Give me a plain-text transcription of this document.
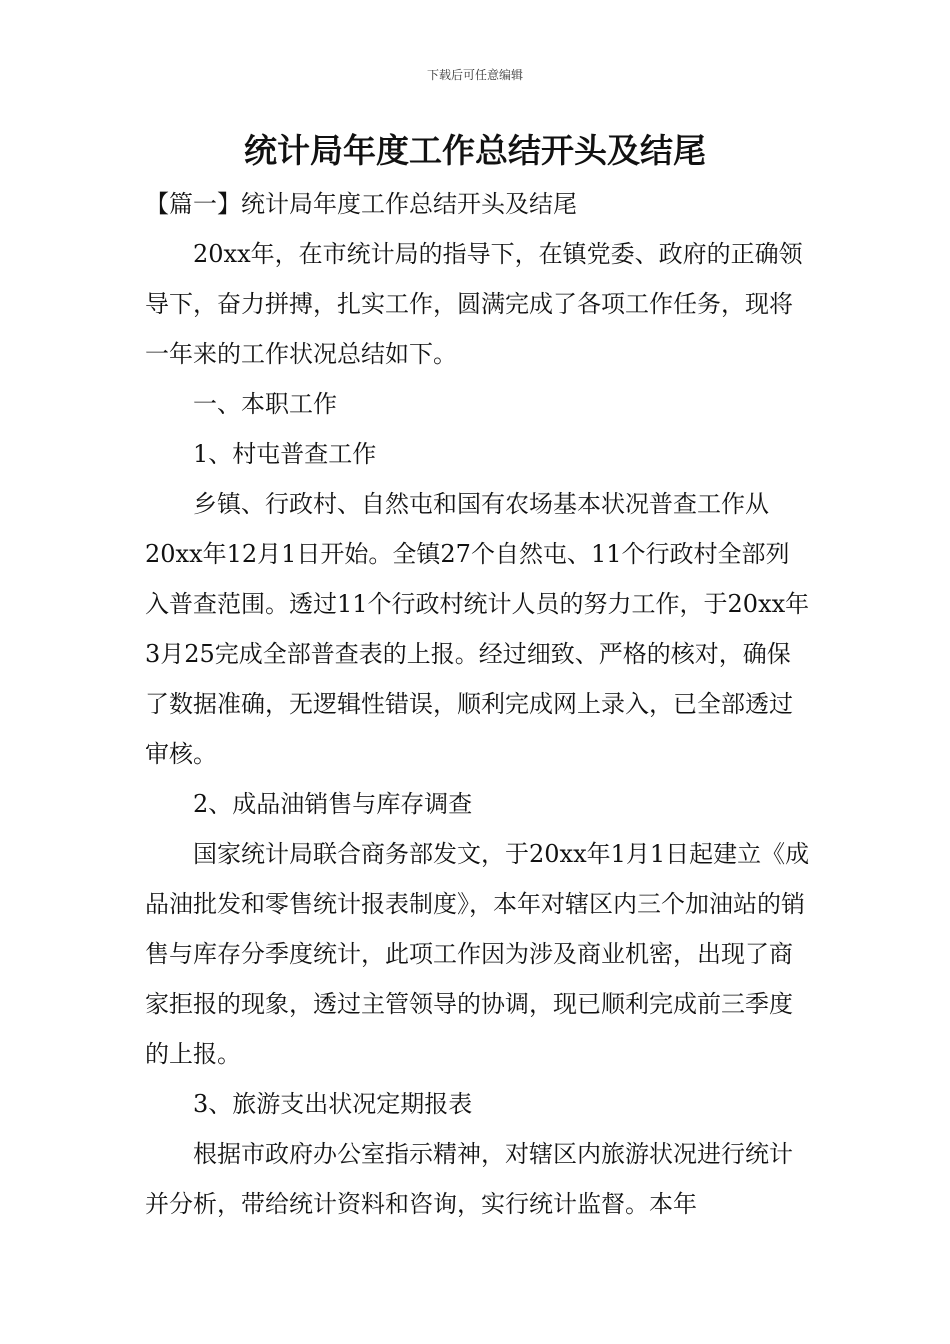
下载后可任意编辑
统计局年度工作总结开头及结尾

【篇一】统计局年度工作总结开头及结尾

20xx年，在市统计局的指导下，在镇党委、政府的正确领导下，奋力拼搏，扎实工作，圆满完成了各项工作任务，现将一年来的工作状况总结如下。

一、本职工作

1、村屯普查工作

乡镇、行政村、自然屯和国有农场基本状况普查工作从20xx年12月1日开始。全镇27个自然屯、11个行政村全部列入普查范围。透过11个行政村统计人员的努力工作，于20xx年3月25完成全部普查表的上报。经过细致、严格的核对，确保了数据准确，无逻辑性错误，顺利完成网上录入，已全部透过审核。

2、成品油销售与库存调查

国家统计局联合商务部发文，于20xx年1月1日起建立《成品油批发和零售统计报表制度》，本年对辖区内三个加油站的销售与库存分季度统计，此项工作因为涉及商业机密，出现了商家拒报的现象，透过主管领导的协调，现已顺利完成前三季度的上报。

3、旅游支出状况定期报表

根据市政府办公室指示精神，对辖区内旅游状况进行统计并分析，带给统计资料和咨询，实行统计监督。本年
